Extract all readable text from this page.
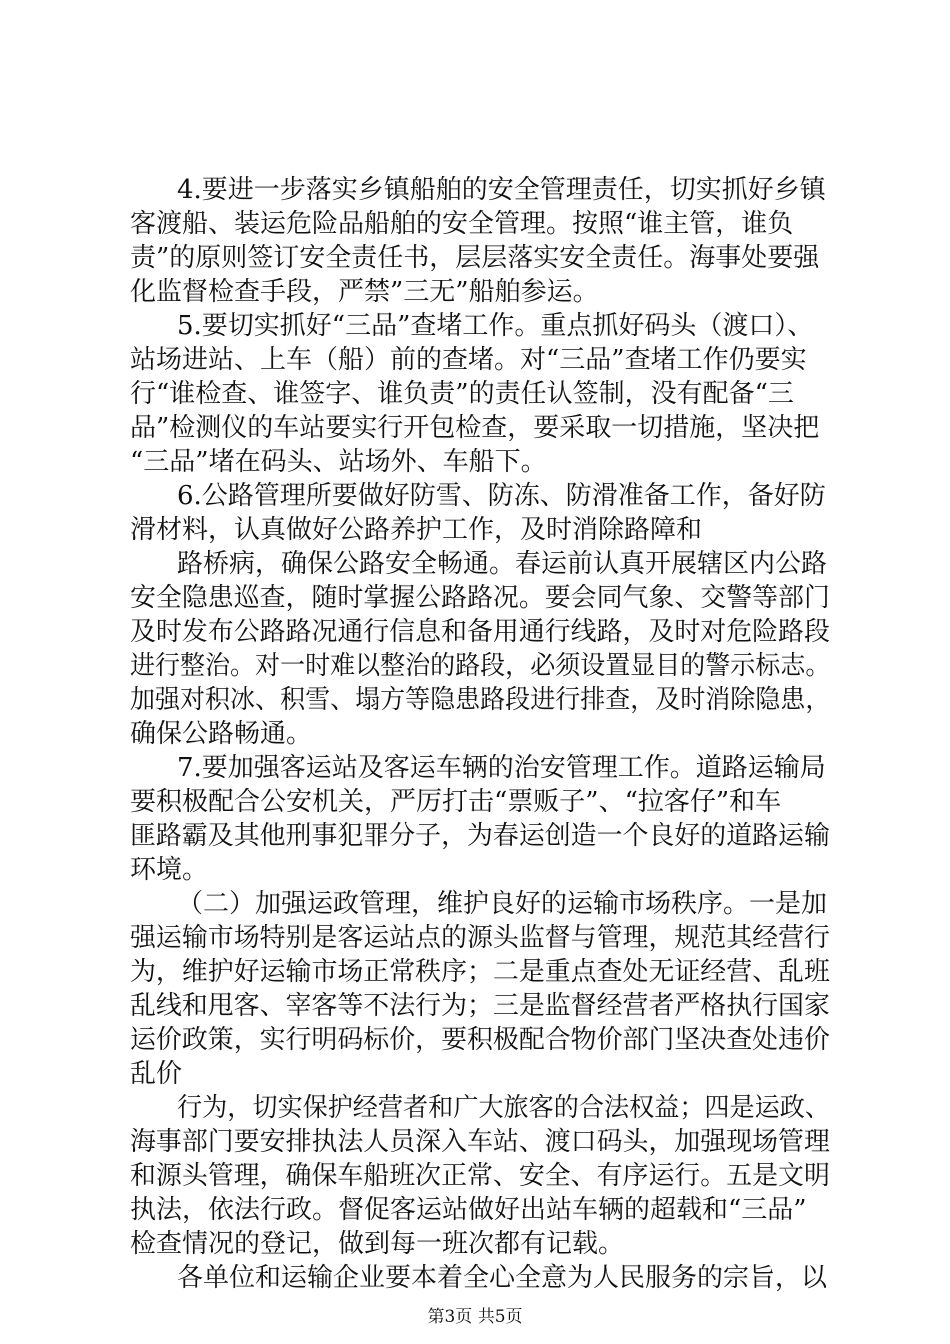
4.要进一步落实乡镇船舶的安全管理责任，切实抓好乡镇
客渡船、装运危险品船舶的安全管理。按照“谁主管，谁负
责”的原则签订安全责任书，层层落实安全责任。海事处要强
化监督检查手段，严禁”三无”船舶参运。
5.要切实抓好“三品”查堵工作。重点抓好码头（渡口）、
站场进站、上车（船）前的查堵。对“三品”查堵工作仍要实
行“谁检查、谁签字、谁负责”的责任认签制，没有配备“三
品”检测仪的车站要实行开包检查，要采取一切措施，坚决把
“三品”堵在码头、站场外、车船下。
6.公路管理所要做好防雪、防冻、防滑准备工作，备好防
滑材料，认真做好公路养护工作，及时消除路障和
路桥病，确保公路安全畅通。春运前认真开展辖区内公路
安全隐患巡查，随时掌握公路路况。要会同气象、交警等部门
及时发布公路路况通行信息和备用通行线路，及时对危险路段
进行整治。对一时难以整治的路段，必须设置显目的警示标志。
加强对积冰、积雪、塌方等隐患路段进行排查，及时消除隐患，
确保公路畅通。
7.要加强客运站及客运车辆的治安管理工作。道路运输局
要积极配合公安机关，严厉打击“票贩子”、“拉客仔”和车
匪路霸及其他刑事犯罪分子，为春运创造一个良好的道路运输
环境。
（二）加强运政管理，维护良好的运输市场秩序。一是加
强运输市场特别是客运站点的源头监督与管理，规范其经营行
为，维护好运输市场正常秩序；二是重点查处无证经营、乱班
乱线和甩客、宰客等不法行为；三是监督经营者严格执行国家
运价政策，实行明码标价，要积极配合物价部门坚决查处违价
乱价
行为，切实保护经营者和广大旅客的合法权益；四是运政、
海事部门要安排执法人员深入车站、渡口码头，加强现场管理
和源头管理，确保车船班次正常、安全、有序运行。五是文明
执法，依法行政。督促客运站做好出站车辆的超载和“三品”
检查情况的登记，做到每一班次都有记载。
各单位和运输企业要本着全心全意为人民服务的宗旨，以
第3页 共5页
